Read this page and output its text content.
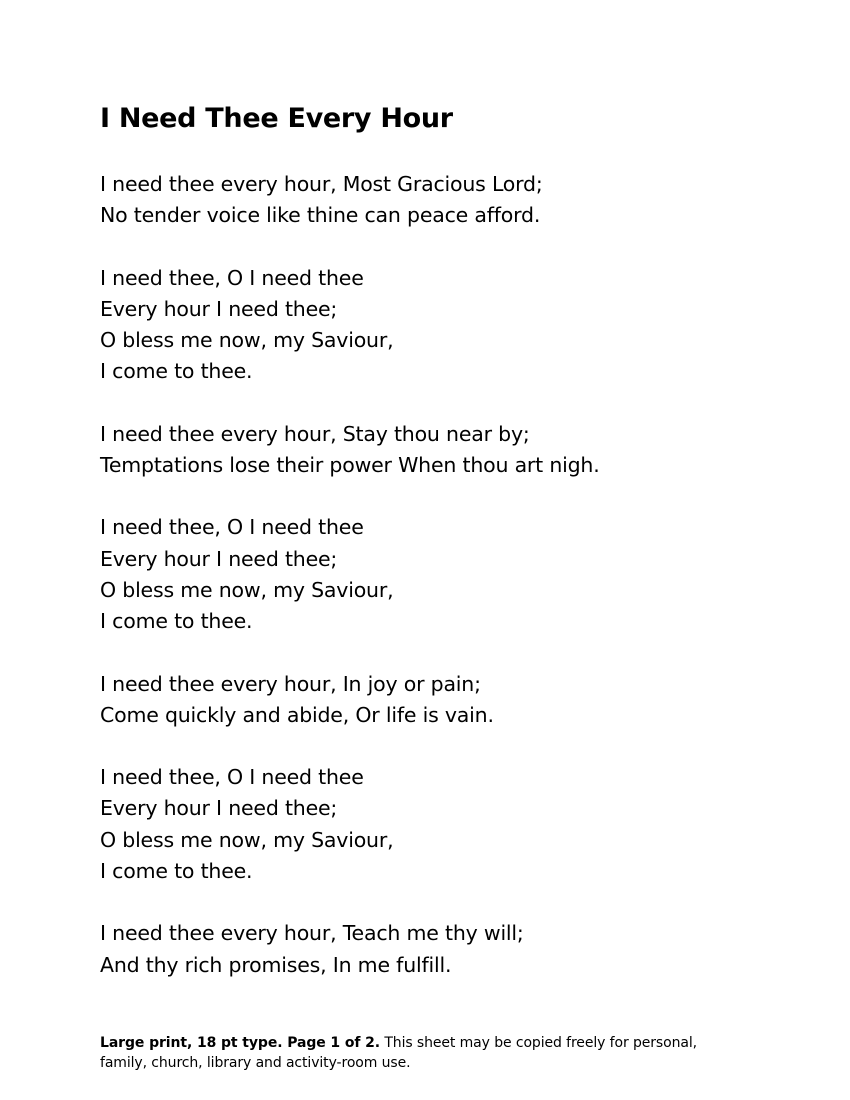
I Need Thee Every Hour
I need thee every hour, Most Gracious Lord;
No tender voice like thine can peace afford.
I need thee, O I need thee
Every hour I need thee;
O bless me now, my Saviour,
I come to thee.
I need thee every hour, Stay thou near by;
Temptations lose their power When thou art nigh.
I need thee, O I need thee
Every hour I need thee;
O bless me now, my Saviour,
I come to thee.
I need thee every hour, In joy or pain;
Come quickly and abide, Or life is vain.
I need thee, O I need thee
Every hour I need thee;
O bless me now, my Saviour,
I come to thee.
I need thee every hour, Teach me thy will;
And thy rich promises, In me fulfill.
Large print, 18 pt type. Page 1 of 2. This sheet may be copied freely for personal, family, church, library and activity-room use.
